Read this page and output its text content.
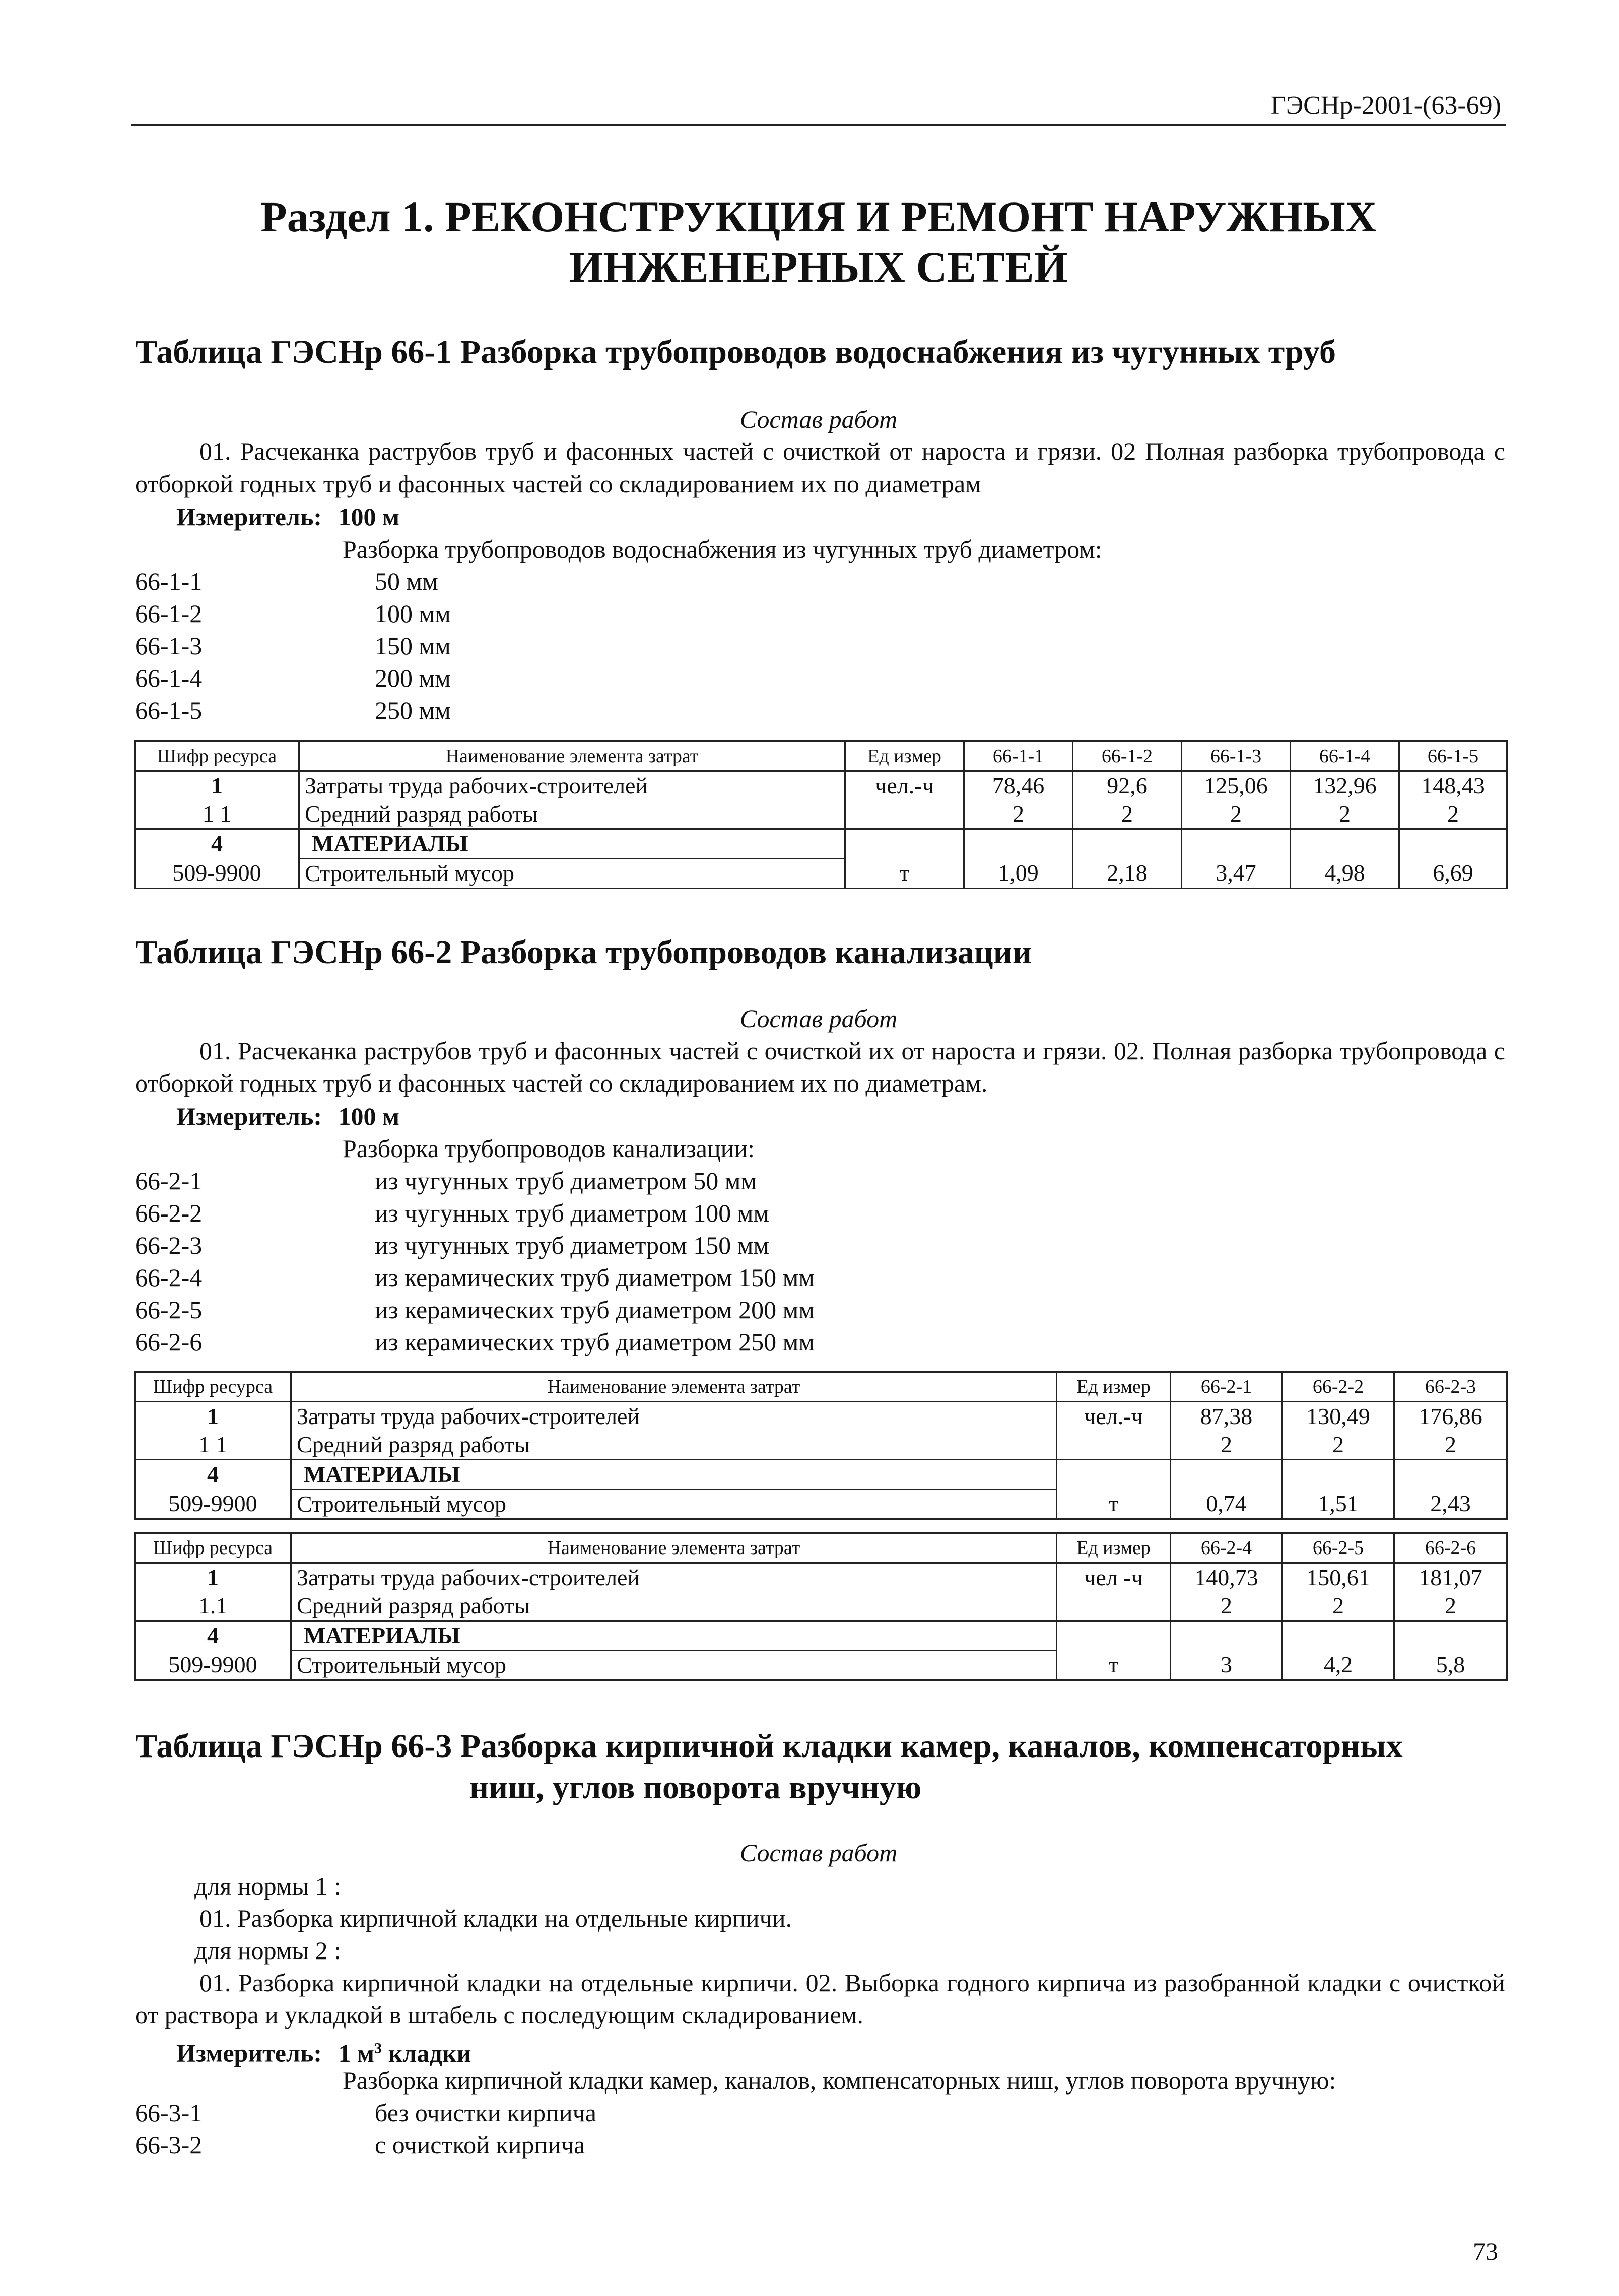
ГЭСНр-2001-(63-69)
Раздел 1. РЕКОНСТРУКЦИЯ И РЕМОНТ НАРУЖНЫХ ИНЖЕНЕРНЫХ СЕТЕЙ
Таблица ГЭСНр 66-1 Разборка трубопроводов водоснабжения из чугунных труб
Состав работ
01. Расчеканка раструбов труб и фасонных частей с очисткой от нароста и грязи. 02 Полная разборка трубопровода с отборкой годных труб и фасонных частей со складированием их по диаметрам
Измеритель: 100 м
Разборка трубопроводов водоснабжения из чугунных труб диаметром:
66-1-1	50 мм
66-1-2	100 мм
66-1-3	150 мм
66-1-4	200 мм
66-1-5	250 мм
Шифр ресурса	Наименование элемента затрат	Ед измер	66-1-1	66-1-2	66-1-3	66-1-4	66-1-5
1	Затраты труда рабочих-строителей	чел.-ч	78,46	92,6	125,06	132,96	148,43
1 1	Средний разряд работы		2	2	2	2	2
4	МАТЕРИАЛЫ						
509-9900	Строительный мусор	т	1,09	2,18	3,47	4,98	6,69
Таблица ГЭСНр 66-2 Разборка трубопроводов канализации
Состав работ
01. Расчеканка раструбов труб и фасонных частей с очисткой их от нароста и грязи. 02. Полная разборка трубопровода с отборкой годных труб и фасонных частей со складированием их по диаметрам.
Измеритель: 100 м
Разборка трубопроводов канализации:
66-2-1	из чугунных труб диаметром 50 мм
66-2-2	из чугунных труб диаметром 100 мм
66-2-3	из чугунных труб диаметром 150 мм
66-2-4	из керамических труб диаметром 150 мм
66-2-5	из керамических труб диаметром 200 мм
66-2-6	из керамических труб диаметром 250 мм
Шифр ресурса	Наименование элемента затрат	Ед измер	66-2-1	66-2-2	66-2-3
1	Затраты труда рабочих-строителей	чел.-ч	87,38	130,49	176,86
1 1	Средний разряд работы		2	2	2
4	МАТЕРИАЛЫ				
509-9900	Строительный мусор	т	0,74	1,51	2,43
Шифр ресурса	Наименование элемента затрат	Ед измер	66-2-4	66-2-5	66-2-6
1	Затраты труда рабочих-строителей	чел -ч	140,73	150,61	181,07
1.1	Средний разряд работы		2	2	2
4	МАТЕРИАЛЫ				
509-9900	Строительный мусор	т	3	4,2	5,8
Таблица ГЭСНр 66-3 Разборка кирпичной кладки камер, каналов, компенсаторных
ниш, углов поворота вручную
Состав работ
для нормы 1 :
01. Разборка кирпичной кладки на отдельные кирпичи.
для нормы 2 :
01. Разборка кирпичной кладки на отдельные кирпичи. 02. Выборка годного кирпича из разобранной кладки с очисткой от раствора и укладкой в штабель с последующим складированием.
Измеритель: 1 $м^3$ кладки
Разборка кирпичной кладки камер, каналов, компенсаторных ниш, углов поворота вручную:
66-3-1	без очистки кирпича
66-3-2	с очисткой кирпича
73
